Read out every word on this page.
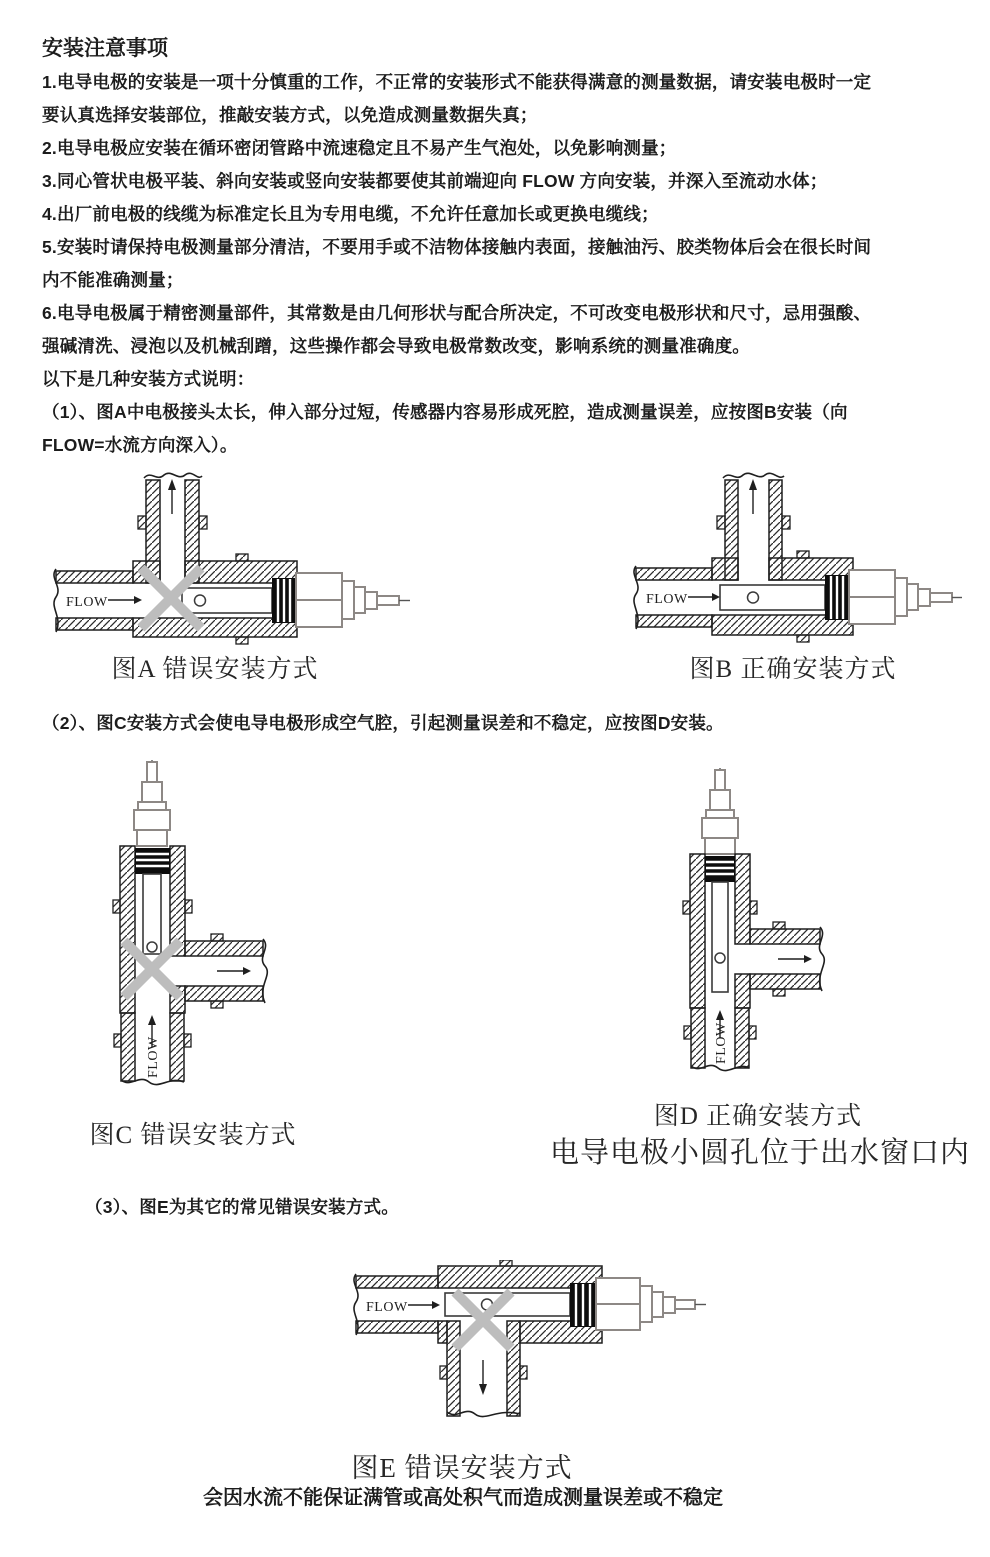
安装注意事项
1.电导电极的安装是一项十分慎重的工作，不正常的安装形式不能获得满意的测量数据，请安装电极时一定
要认真选择安装部位，推敲安装方式，以免造成测量数据失真；
2.电导电极应安装在循环密闭管路中流速稳定且不易产生气泡处，以免影响测量；
3.同心管状电极平装、斜向安装或竖向安装都要使其前端迎向 FLOW 方向安装，并深入至流动水体；
4.出厂前电极的线缆为标准定长且为专用电缆，不允许任意加长或更换电缆线；
5.安装时请保持电极测量部分清洁，不要用手或不洁物体接触内表面，接触油污、胶类物体后会在很长时间
内不能准确测量；
6.电导电极属于精密测量部件，其常数是由几何形状与配合所决定，不可改变电极形状和尺寸，忌用强酸、
强碱清洗、浸泡以及机械刮蹭，这些操作都会导致电极常数改变，影响系统的测量准确度。
以下是几种安装方式说明：
（1）、图A中电极接头太长，伸入部分过短，传感器内容易形成死腔，造成测量误差，应按图B安装（向
FLOW=水流方向深入）。
FLOW
图A 错误安装方式
FLOW
图B 正确安装方式
（2）、图C安装方式会使电导电极形成空气腔，引起测量误差和不稳定，应按图D安装。
FLOW
图C 错误安装方式
FLOW
图D 正确安装方式
电导电极小圆孔位于出水窗口内
（3）、图E为其它的常见错误安装方式。
FLOW
图E 错误安装方式
会因水流不能保证满管或高处积气而造成测量误差或不稳定
